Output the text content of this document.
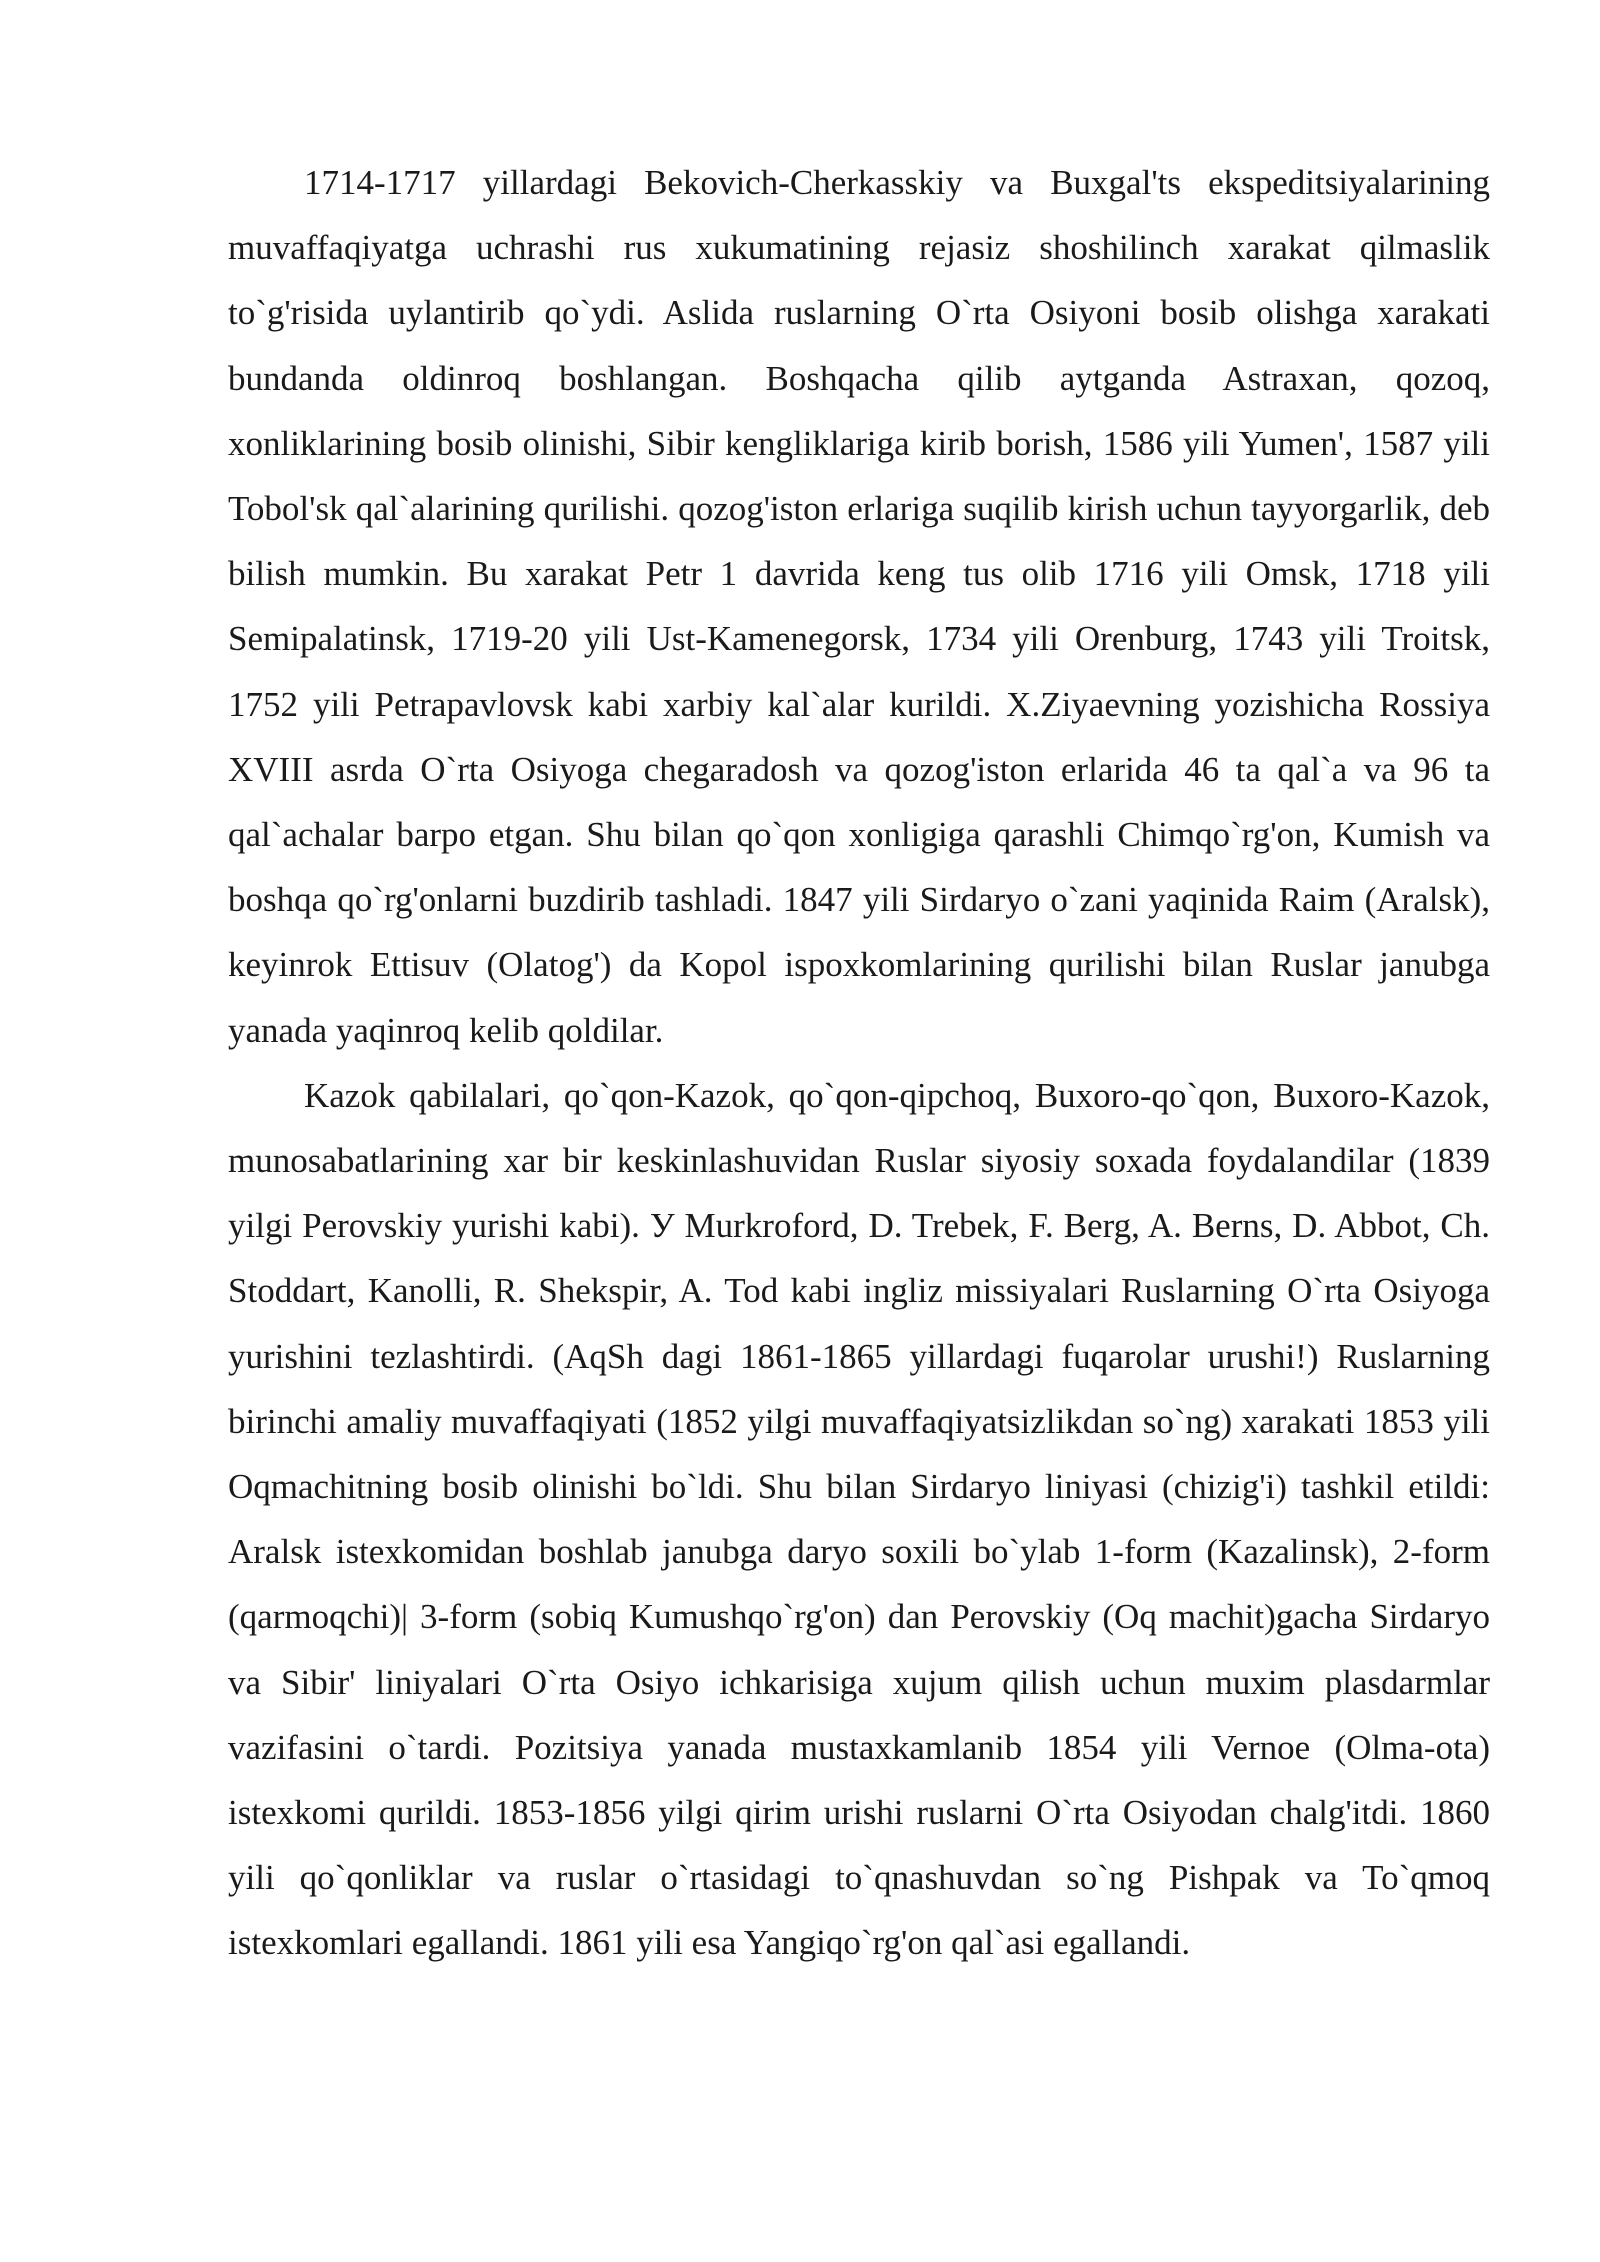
1714-1717 yillardagi Bekovich-Cherkasskiy va Buxgal'ts ekspeditsiyalarining muvaffaqiyatga uchrashi rus xukumatining rejasiz shoshilinch xarakat qilmaslik to`g'risida uylantirib qo`ydi. Aslida ruslarning O`rta Osiyoni bosib olishga xarakati bundanda oldinroq boshlangan. Boshqacha qilib aytganda Astraxan, qozoq, xonliklarining bosib olinishi, Sibir kengliklariga kirib borish, 1586 yili Yumen', 1587 yili Tobol'sk qal`alarining qurilishi. qozog'iston erlariga suqilib kirish uchun tayyorgarlik, deb bilish mumkin. Bu xarakat Petr 1 davrida keng tus olib 1716 yili Omsk, 1718 yili Semipalatinsk, 1719-20 yili Ust-Kamenegorsk, 1734 yili Orenburg, 1743 yili Troitsk, 1752 yili Petrapavlovsk kabi xarbiy kal`alar kurildi. X.Ziyaevning yozishicha Rossiya XVIII asrda O`rta Osiyoga chegaradosh va qozog'iston erlarida 46 ta qal`a va 96 ta qal`achalar barpo etgan. Shu bilan qo`qon xonligiga qarashli Chimqo`rg'on, Kumish va boshqa qo`rg'onlarni buzdirib tashladi. 1847 yili Sirdaryo o`zani yaqinida Raim (Aralsk), keyinrok Ettisuv (Olatog') da Kopol ispoxkomlarining qurilishi bilan Ruslar janubga yanada yaqinroq kelib qoldilar.

Kazok qabilalari, qo`qon-Kazok, qo`qon-qipchoq, Buxoro-qo`qon, Buxoro-Kazok, munosabatlarining xar bir keskinlashuvidan Ruslar siyosiy soxada foydalandilar (1839 yilgi Perovskiy yurishi kabi). У Murkroford, D. Trebek, F. Berg, A. Berns, D. Abbot, Ch. Stoddart, Kanolli, R. Shekspir, A. Tod kabi ingliz missiyalari Ruslarning O`rta Osiyoga yurishini tezlashtirdi. (AqSh dagi 1861-1865 yillardagi fuqarolar urushi!) Ruslarning birinchi amaliy muvaffaqiyati (1852 yilgi muvaffaqiyatsizlikdan so`ng) xarakati 1853 yili Oqmachitning bosib olinishi bo`ldi. Shu bilan Sirdaryo liniyasi (chizig'i) tashkil etildi: Aralsk istexkomidan boshlab janubga daryo soxili bo`ylab 1-form (Kazalinsk), 2-form (qarmoqchi)| 3-form (sobiq Kumushqo`rg'on) dan Perovskiy (Oq machit)gacha Sirdaryo va Sibir' liniyalari O`rta Osiyo ichkarisiga xujum qilish uchun muxim plasdarmlar vazifasini o`tardi. Pozitsiya yanada mustaxkamlanib 1854 yili Vernoe (Olma-ota) istexkomi qurildi. 1853-1856 yilgi qirim urishi ruslarni O`rta Osiyodan chalg'itdi. 1860 yili qo`qonliklar va ruslar o`rtasidagi to`qnashuvdan so`ng Pishpak va To`qmoq istexkomlari egallandi. 1861 yili esa Yangiqo`rg'on qal`asi egallandi.
